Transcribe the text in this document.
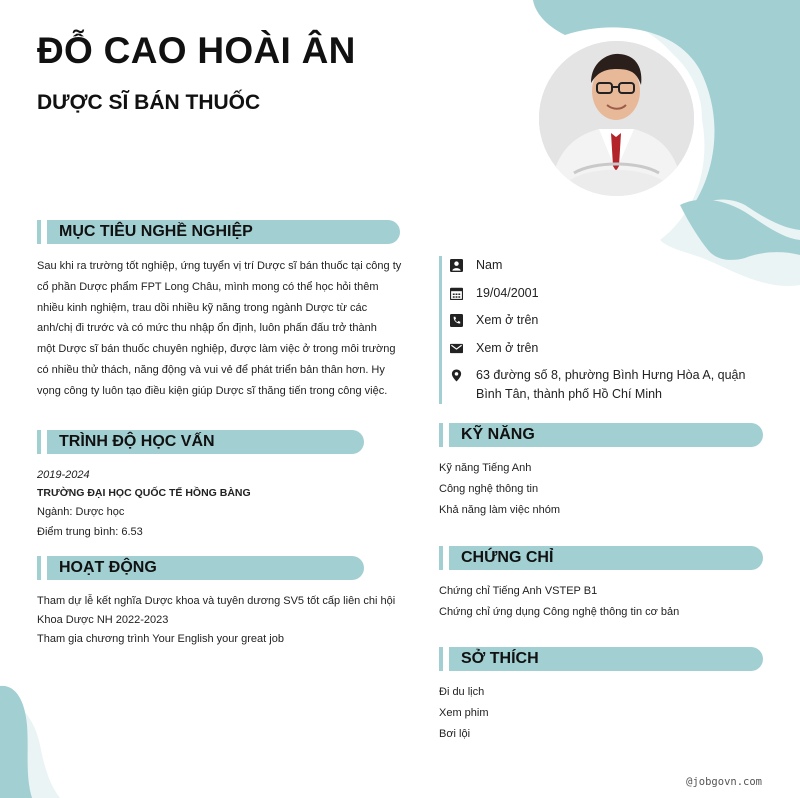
ĐỖ CAO HOÀI ÂN
DƯỢC SĨ BÁN THUỐC
MỤC TIÊU NGHỀ NGHIỆP
Sau khi ra trường tốt nghiệp, ứng tuyển vị trí Dược sĩ bán thuốc tại công ty
cổ phần Dược phẩm FPT Long Châu, mình mong có thể học hỏi thêm
nhiều kinh nghiệm, trau dồi nhiều kỹ năng trong ngành Dược từ các
anh/chị đi trước và có mức thu nhập ổn định, luôn phấn đấu trở thành
một Dược sĩ bán thuốc chuyên nghiệp, được làm việc ở trong môi trường
có nhiều thử thách, năng động và vui vẻ để phát triển bản thân hơn. Hy
vọng công ty luôn tạo điều kiện giúp Dược sĩ thăng tiến trong công việc.
TRÌNH ĐỘ HỌC VẤN
2019-2024
TRƯỜNG ĐẠI HỌC QUỐC TẾ HỒNG BÀNG
Ngành: Dược học
Điểm trung bình: 6.53
HOẠT ĐỘNG
Tham dự lễ kết nghĩa Dược khoa và tuyên dương SV5 tốt cấp liên chi hội
Khoa Dược NH 2022-2023
Tham gia chương trình Your English your great job
Nam
19/04/2001
Xem ở trên
Xem ở trên
63 đường số 8, phường Bình Hưng Hòa A, quận
Bình Tân, thành phố Hồ Chí Minh
KỸ NĂNG
Kỹ năng Tiếng Anh
Công nghệ thông tin
Khả năng làm việc nhóm
CHỨNG CHỈ
Chứng chỉ Tiếng Anh VSTEP B1
Chứng chỉ ứng dụng Công nghệ thông tin cơ bản
SỞ THÍCH
Đi du lịch
Xem phim
Bơi lội
@jobgovn.com
